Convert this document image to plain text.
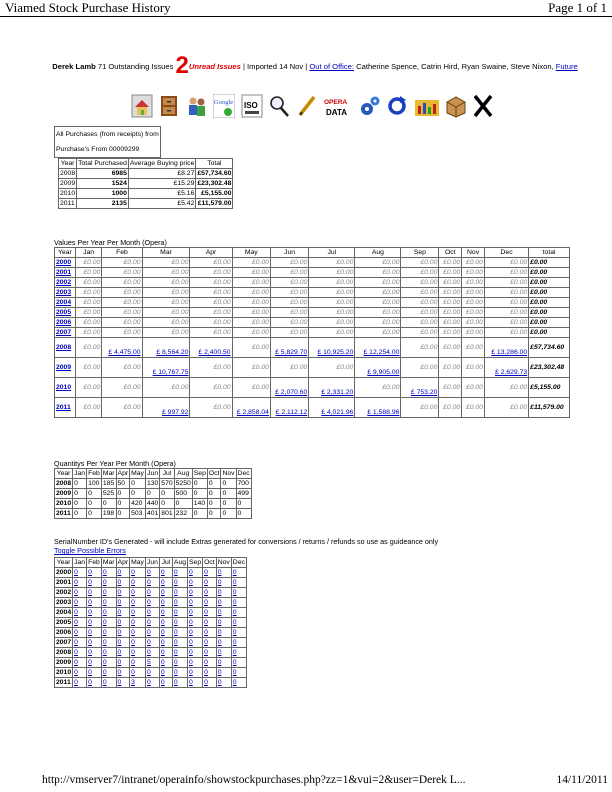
Viamed Stock Purchase History	Page 1 of 1
Derek Lamb 71 Outstanding Issues 2Unread Issues | Imported 14 Nov | Out of Office: Catherine Spence, Catrin Hird, Ryan Swaine, Steve Nixon, Future

Google
ISO
	OPERA
DATA

All Purchases (from receipts) from
Purchase's From 00009299
Year	Total Purchased	Average Buying price	Total
2008	6985	£8.27	£57,734.60
2009	1524	£15.29	£23,302.48
2010	1000	£5.16	£5,155.00
2011	2135	£5.42	£11,579.00
Values Per Year Per Month (Opera)
Year	Jan	Feb	Mar	Apr	May	Jun	Jul	Aug	Sep	Oct	Nov	Dec	total
2000	£0.00	£0.00	£0.00	£0.00	£0.00	£0.00	£0.00	£0.00	£0.00	£0.00	£0.00	£0.00	£0.00
2001	£0.00	£0.00	£0.00	£0.00	£0.00	£0.00	£0.00	£0.00	£0.00	£0.00	£0.00	£0.00	£0.00
2002	£0.00	£0.00	£0.00	£0.00	£0.00	£0.00	£0.00	£0.00	£0.00	£0.00	£0.00	£0.00	£0.00
2003	£0.00	£0.00	£0.00	£0.00	£0.00	£0.00	£0.00	£0.00	£0.00	£0.00	£0.00	£0.00	£0.00
2004	£0.00	£0.00	£0.00	£0.00	£0.00	£0.00	£0.00	£0.00	£0.00	£0.00	£0.00	£0.00	£0.00
2005	£0.00	£0.00	£0.00	£0.00	£0.00	£0.00	£0.00	£0.00	£0.00	£0.00	£0.00	£0.00	£0.00
2006	£0.00	£0.00	£0.00	£0.00	£0.00	£0.00	£0.00	£0.00	£0.00	£0.00	£0.00	£0.00	£0.00
2007	£0.00	£0.00	£0.00	£0.00	£0.00	£0.00	£0.00	£0.00	£0.00	£0.00	£0.00	£0.00	£0.00
2008	£0.00	£ 4,475.00	£ 8,564.20	£ 2,400.50	£0.00	£ 5,829.70	£ 10,925.20	£ 12,254.00	£0.00	£0.00	£0.00	£ 13,286.00	£57,734.60
2009	£0.00	£0.00	£ 10,767.75	£0.00	£0.00	£0.00	£0.00	£ 9,905.00	£0.00	£0.00	£0.00	£ 2,629.73	£23,302.48
2010	£0.00	£0.00	£0.00	£0.00	£0.00	£ 2,070.60	£ 2,331.20	£0.00	£ 753.20	£0.00	£0.00	£0.00	£5,155.00
2011	£0.00	£0.00	£ 997.92	£0.00	£ 2,858.04	£ 2,112.12	£ 4,021.96	£ 1,588.96	£0.00	£0.00	£0.00	£0.00	£11,579.00
Quantitys Per Year Per Month (Opera)
Year	Jan	Feb	Mar	Apr	May	Jun	Jul	Aug	Sep	Oct	Nov	Dec
2008	0	100	185	50	0	130	570	5250	0	0	0	700
2009	0	0	525	0	0	0	0	500	0	0	0	499
2010	0	0	0	0	420	440	0	0	140	0	0	0
2011	0	0	198	0	503	401	801	232	0	0	0	0
SerialNumber ID's Generated - will include Extras generated for conversions / returns / refunds so use as guideance only
Toggle Possible Errors
Year	Jan	Feb	Mar	Apr	May	Jun	Jul	Aug	Sep	Oct	Nov	Dec
2000	0	0	0	0	0	0	0	0	0	0	0	0
2001	0	0	0	0	0	0	0	0	0	0	0	0
2002	0	0	0	0	0	0	0	0	0	0	0	0
2003	0	0	0	0	0	0	0	0	0	0	0	0
2004	0	0	0	0	0	0	0	0	0	0	0	0
2005	0	0	0	0	0	0	0	0	0	0	0	0
2006	0	0	0	0	0	0	0	0	0	0	0	0
2007	0	0	0	0	0	0	0	0	0	0	0	0
2008	0	0	0	0	0	0	0	0	0	0	0	0
2009	0	0	0	0	0	5	0	0	0	0	0	0
2010	0	0	0	0	0	0	0	0	0	0	0	0
2011	0	0	0	0	3	0	0	0	0	0	0	0
http://vmserver7/intranet/operainfo/showstockpurchases.php?zz=1&vui=2&user=Derek L...	14/11/2011
